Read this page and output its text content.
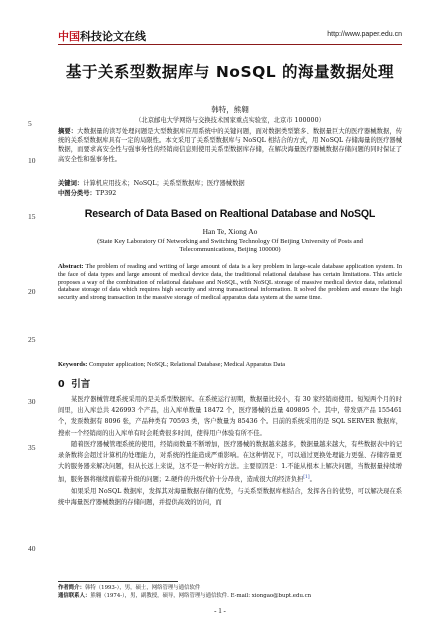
中国科技论文在线	http://www.paper.edu.cn
5
10
15
20
25
30
35
40
基于关系型数据库与 NoSQL 的海量数据处理
韩特，熊翱
（北京邮电大学网络与交换技术国家重点实验室，北京市 100000）
摘要：大数据量的读写处理问题是大型数据库应用系统中的关键问题，面对数据类型繁多、数据量巨大的医疗器械数据，传统的关系型数据库具有一定的局限性。本文采用了关系型数据库与 NoSQL 相结合的方式，用 NoSQL 存储海量的医疗器械数据，而要求高安全性与强事务性的经销商信息则使用关系型数据库存储，在解决海量医疗器械数据存储问题的同时保证了高安全性和强事务性。
关键词：计算机应用技术；NoSQL；关系型数据库；医疗器械数据
中图分类号：TP392
Research of Data Based on Realtional Database and NoSQL
Han Te, Xiong Ao
(State Key Laboratory Of Networking and Switching Technology Of Beijing University of Posts and Telecommunications, Beijing 100000)
Abstract: The problem of reading and writing of large amount of data is a key problem in large-scale database application system. In the face of data types and large amount of medical device data, the traditional relational database has certain limitations. This article proposes a way of the combination of relational database and NoSQL, with NoSQL storage of massive medical device data, relational database storage of data which requires high security and strong transactional information. It solved the problem and ensure the high security and strong transaction in the massive storage of medical apparatus data system at the same time.
Keywords: Computer application; NoSQL; Relational Database; Medical Apparatus Data
0 引言

某医疗器械管理系统采用的是关系型数据库。在系统运行初期，数据量比较小，有 30 家经销商使用。短短两个月的时间里，出入库总共 426993 个产品，出入库单数量 18472 个，医疗器械的总量 409895 个。其中，带发票产品 155461 个，发票数据有 8096 张，产品种类有 70593 类，客户数量为 85436 个。目前的系统采用的是 SQL SERVER 数据库，搜索一个经销商的出入库单有时会耗费很多时间，使得用户体验有所不佳。

随着医疗器械管理系统的使用，经销商数量不断增加，医疗器械的数据越来越多，数据量越来越大，有些数据表中的记录条数将会超过计算机的处理能力，对系统的性能造成严重影响。在这种情况下，可以通过更换处理能力更强、存储容量更大的服务器来解决问题，但从长远上来说，这不是一种好的方法。主要原因是：1.不能从根本上解决问题，当数据量持续增加，服务器将继续面临着升级的问题；2.硬件的升级代价十分昂贵，造成很大的经济负担[1]。

如果采用 NoSQL 数据库，发挥其对海量数据存储的优势，与关系型数据库相结合，发挥各自的优势，可以解决现在系统中海量医疗器械数据的存储问题，并提供高效的访问，而

作者简介：韩特（1993-），男，硕士，网络管理与通信软件
通信联系人：熊翱（1974-），男，副教授，硕导，网络管理与通信软件. E-mail: xiongao@bupt.edu.cn
- 1 -
